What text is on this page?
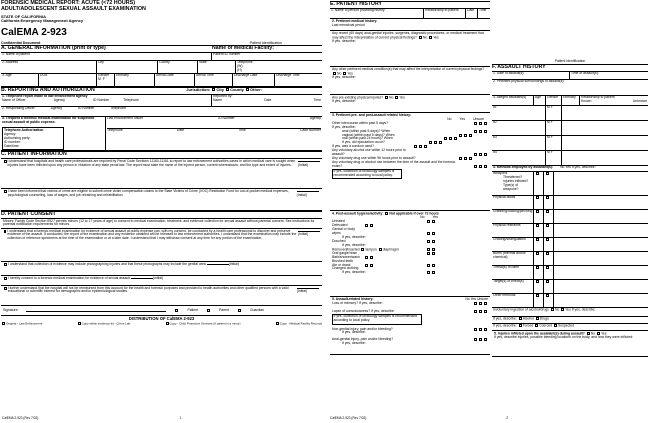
FORENSIC MEDICAL REPORT: ACUTE (<72 HOURS)
ADULT/ADOLESCENT SEXUAL ASSAULT EXAMINATION
STATE OF CALIFORNIA
California Emergency Management Agency
CalEMA 2-923
Confidential Document	Patient Identification
A. GENERAL INFORMATION (print or type)	Name of Medical Facility:
1. Name of patient	Patient ID number
2. Address	City	County	State	Telephone
(W)
(H)
3. Age	DOB	Gender
M F
Ethnicity	Arrival Date	Arrival Time	Discharge Date	Discharge Time
B. REPORTING AND AUTHORIZATION	Jurisdiction: City County Other:
1. Telephone report made to law enforcement agency
Name of Officer	Agency	ID Number	Telephone
Reported by:
Name	Date	Time
2. Responding Officer	Agency	ID Number	Telephone
3. I request a forensic medical examination for suspected sexual assault at public expense.
Telephone Authorization
Agency:
Authorizing party:
ID number:
Date/time:
Law enforcement officer	ID Number	Agency
Telephone	Date	Time	Case Number
C. PATIENT INFORMATION
I understand that hospitals and health care professionals are required by Penal Code Sections 11160-11161 to report to law enforcement authorities cases in which medical care is sought when injuries have been inflicted upon any person in violation of any state penal law. The report must state the name of the injured person, current whereabouts, and the type and extent of injuries.	(Initial)
I have been informed that victims of crime are eligible to submit crime victim compensation claims to the State Victims of Crime (VOC) Restitution Fund for out-of-pocket medical expenses, psychological counseling, loss of wages, and job retraining and rehabilitation.	(Initial)
D. PATIENT CONSENT
Minors: Family Code Section 6927 permits minors (12 to 17 years of age) to consent to medical examination, treatment, and evidence collection for sexual assault without parental consent. See instructions for parental notification requirements for minors.
I understand that a forensic medical examination for evidence of sexual assault at public expense can, with my consent, be conducted by a health care professional to discover and preserve evidence of the assault. If conducted, the report of the examination and any evidence obtained will be released to law enforcement authorities. I understand that the examination may include the collection of reference specimens at the time of the examination or at a later date. I understand that I may withdraw consent at any time for any portion of the examination.
(Initial)
I understand that collection of evidence may include photographing injuries and that these photographs may include the genital area.	(Initial)
I hereby consent to a forensic medical examination for evidence of sexual assault.	(Initial)
I further understand that the hospital will not be reimbursed from this account for the health and forensic purposes and provided to health authorities and other qualified persons with a valid educational or scientific interest for demographic and/or epidemiological studies.	(Initial)
Signature:	Patient	Parent	Guardian
DISTRIBUTION OF CalEMA 2-923
Original - Law Enforcement	Copy within evidence kit - Crime Lab	Copy - Child Protective Services (if patient is a minor)	Copy - Medical Facility Records
CalEMA 2-923 (Rev 7/02)	1
E. PATIENT HISTORY
1. Name of person providing history	Relationship to patient	Date	Time
2. Pertinent medical history:
Last menstrual period
Any recent (60 days) anal-genital injuries, surgeries, diagnostic procedures, or medical treatment that may affect the interpretation of current physical findings? No Yes
If yes, describe:
Any other pertinent medical condition(s) that may affect the interpretation of current physical findings? No Yes
If yes, describe:
Any pre-existing physical injuries? No Yes
If yes, describe:
3. Pertinent pre- and post-assault related history:
No Yes Unsure
Other intercourse within past 5 days?
If yes, describe:
anal (within past 5 days)? When
vaginal (within past 5 days)? When
oral (within past 24 hours)? When
If yes, did ejaculation occur?
If yes, was a condom used?
Any voluntary alcohol use within 12 hours prior to assault?
Any voluntary drug use within 96 hours prior to assault?
Any voluntary drug or alcohol use between the time of the assault and the forensic exam?
If yes, collection of toxicology samples is recommended according to local policy.
4. Post-assault hygiene/activity: Not applicable if over 72 hours
No Yes
Urinated
Defecated
Genital or body wipes
If yes, describe:
Douched
If yes, describe:
Removed/inserted tampon diaphragm
Oral gargle/rinse
Bath/shower/wash
Brushed teeth
Ate or drank
Changed clothing
If yes, describe:
5. Assault-related history:	No Yes Unsure
Loss of memory? If yes, describe:
Lapse of consciousness? If yes, describe:
If yes, collection of toxicology samples is recommended according to local policy.
Non-genital injury, pain and/or bleeding?
If yes, describe:
Anal-genital injury, pain and/or bleeding?
If yes, describe:
Patient Identification
F. ASSAULT HISTORY
1. Date of assault(s):	Time of assault(s):
2. Pertinent physical surroundings of assault(s):
3. Alleged assailant(s)	Age	Gender	Ethnicity	Relationship to patient
Known	Unknown
#1	M F
#2	M F
#3	M F
#4	M F
4. Methods employed by assailant(s): No Yes If yes, describe:
Weapons
Threatened?
Injuries inflicted?
Type(s) of weapons?
Physical blows
Grabbing/holding/pinching
Physical restraints
Choking/strangulation
Burns (thermal and/or chemical)
Threat(s) of harm
Target(s) of threat(s)
Other methods
Involuntary ingestion of alcohol/drugs No Yes If yes, describe:
If yes, describe: Alcohol Drugs
If yes, describe: Forced Coerced Suspected
5. Injuries inflicted upon the assailant(s) during assault? No Yes
If yes, describe injuries, possible bleeding locations on the body, and how they were inflicted:
CalEMA 2-923 (Rev 7/02)	2
